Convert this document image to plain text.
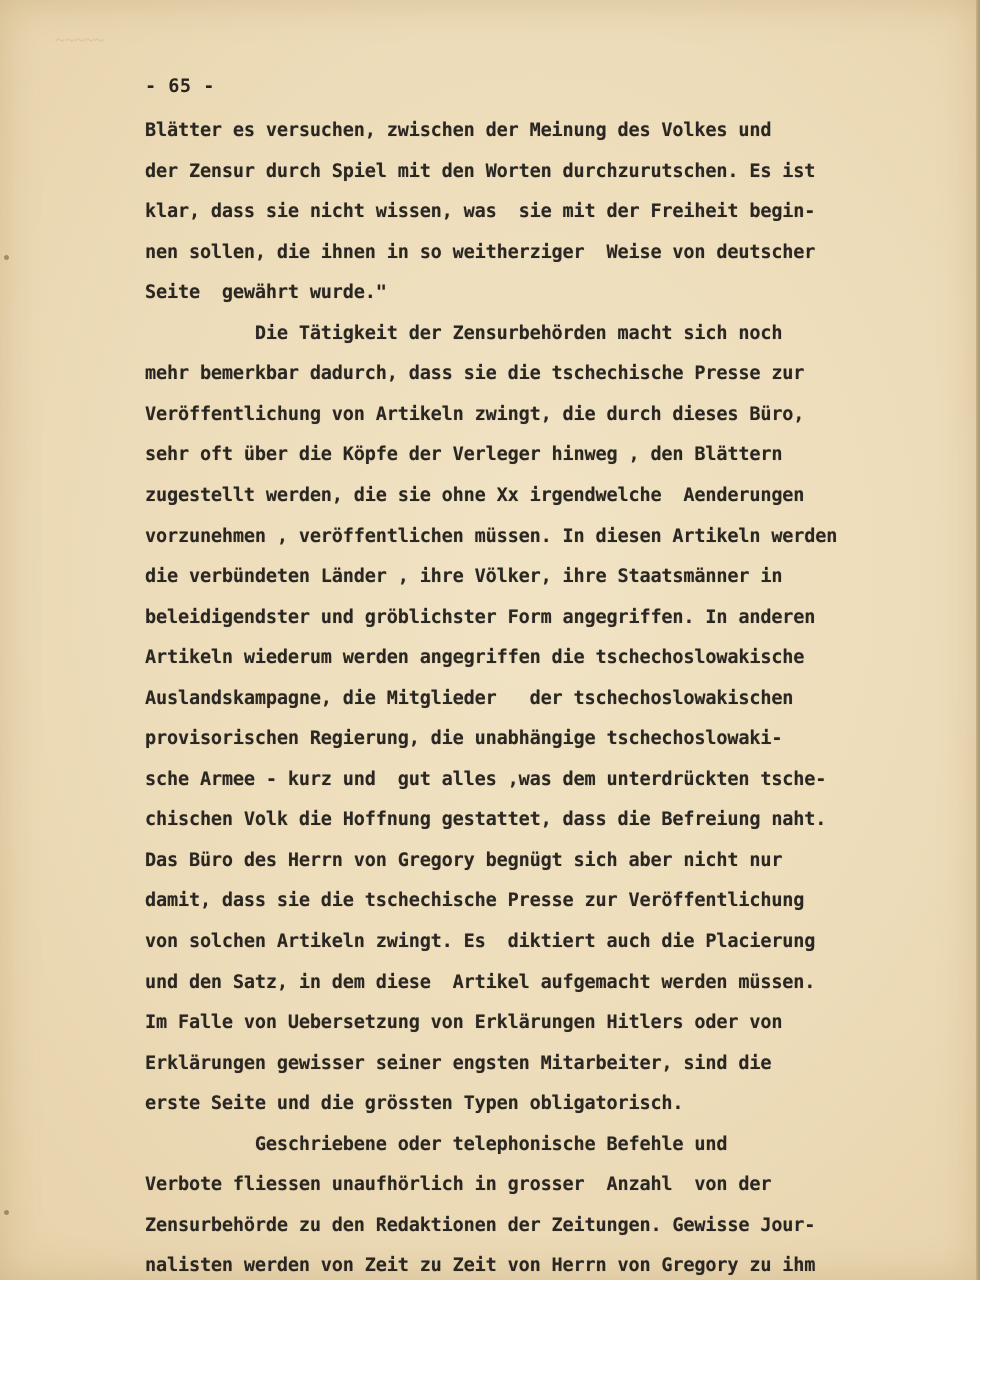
~~~~~
- 65 -
Blätter es versuchen, zwischen der Meinung des Volkes und
der Zensur durch Spiel mit den Worten durchzurutschen. Es ist
klar, dass sie nicht wissen, was  sie mit der Freiheit begin-
nen sollen, die ihnen in so weitherziger  Weise von deutscher
Seite  gewährt wurde."
Die Tätigkeit der Zensurbehörden macht sich noch
mehr bemerkbar dadurch, dass sie die tschechische Presse zur
Veröffentlichung von Artikeln zwingt, die durch dieses Büro,
sehr oft über die Köpfe der Verleger hinweg , den Blättern
zugestellt werden, die sie ohne Xx irgendwelche  Aenderungen
vorzunehmen , veröffentlichen müssen. In diesen Artikeln werden
die verbündeten Länder , ihre Völker, ihre Staatsmänner in
beleidigendster und gröblichster Form angegriffen. In anderen
Artikeln wiederum werden angegriffen die tschechoslowakische
Auslandskampagne, die Mitglieder   der tschechoslowakischen
provisorischen Regierung, die unabhängige tschechoslowaki-
sche Armee - kurz und  gut alles ,was dem unterdrückten tsche-
chischen Volk die Hoffnung gestattet, dass die Befreiung naht.
Das Büro des Herrn von Gregory begnügt sich aber nicht nur
damit, dass sie die tschechische Presse zur Veröffentlichung
von solchen Artikeln zwingt. Es  diktiert auch die Placierung
und den Satz, in dem diese  Artikel aufgemacht werden müssen.
Im Falle von Uebersetzung von Erklärungen Hitlers oder von
Erklärungen gewisser seiner engsten Mitarbeiter, sind die
erste Seite und die grössten Typen obligatorisch.
Geschriebene oder telephonische Befehle und
Verbote fliessen unaufhörlich in grosser  Anzahl  von der
Zensurbehörde zu den Redaktionen der Zeitungen. Gewisse Jour-
nalisten werden von Zeit zu Zeit von Herrn von Gregory zu ihm
